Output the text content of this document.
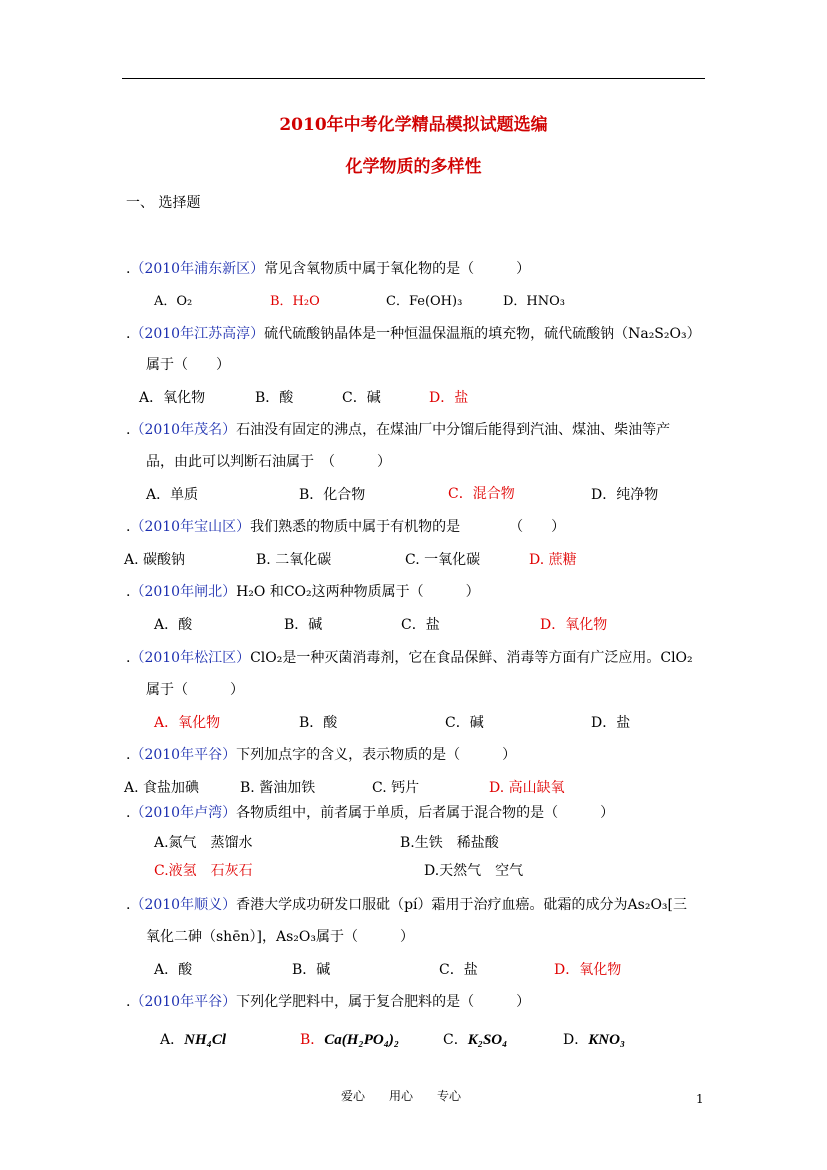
2010年中考化学精品模拟试题选编
化学物质的多样性
一、 选择题
.（2010年浦东新区）常见含氧物质中属于氧化物的是（　　　）
A．O₂	B．H₂O	C．Fe(OH)₃	D．HNO₃
.（2010年江苏高淳）硫代硫酸钠晶体是一种恒温保温瓶的填充物，硫代硫酸钠（Na₂S₂O₃）
属于（　　）
A．氧化物	B．酸	C．碱	D．盐
.（2010年茂名）石油没有固定的沸点，在煤油厂中分馏后能得到汽油、煤油、柴油等产
品，由此可以判断石油属于　（　　　）
A．单质	B．化合物	C．混合物	D．纯净物
.（2010年宝山区）我们熟悉的物质中属于有机物的是　　　　（　　）
A. 碳酸钠	B. 二氧化碳	C. 一氧化碳	D. 蔗糖
.（2010年闸北）H₂O 和CO₂这两种物质属于（　　　）
A．酸	B．碱	C．盐	D．氧化物
.（2010年松江区）ClO₂是一种灭菌消毒剂，它在食品保鲜、消毒等方面有广泛应用。ClO₂
属于（　　　）
A．氧化物	B．酸	C．碱	D．盐
.（2010年平谷）下列加点字的含义，表示物质的是（　　　）
A. 食盐加碘	B. 酱油加铁	C. 钙片	D. 高山缺氧
.（2010年卢湾）各物质组中，前者属于单质，后者属于混合物的是（　　　）
A.氮气　蒸馏水	B.生铁　稀盐酸
C.液氢　石灰石	D.天然气　空气
.（2010年顺义）香港大学成功研发口服砒（pí）霜用于治疗血癌。砒霜的成分为As₂O₃[三
氧化二砷（shēn）]，As₂O₃属于（　　　）
A．酸	B．碱	C．盐	D．氧化物
.（2010年平谷）下列化学肥料中，属于复合肥料的是（　　　）
A．NH₄Cl	B．Ca(H₂PO₄)₂	C．K₂SO₄	D．KNO₃
爱心　　用心　　专心	1
